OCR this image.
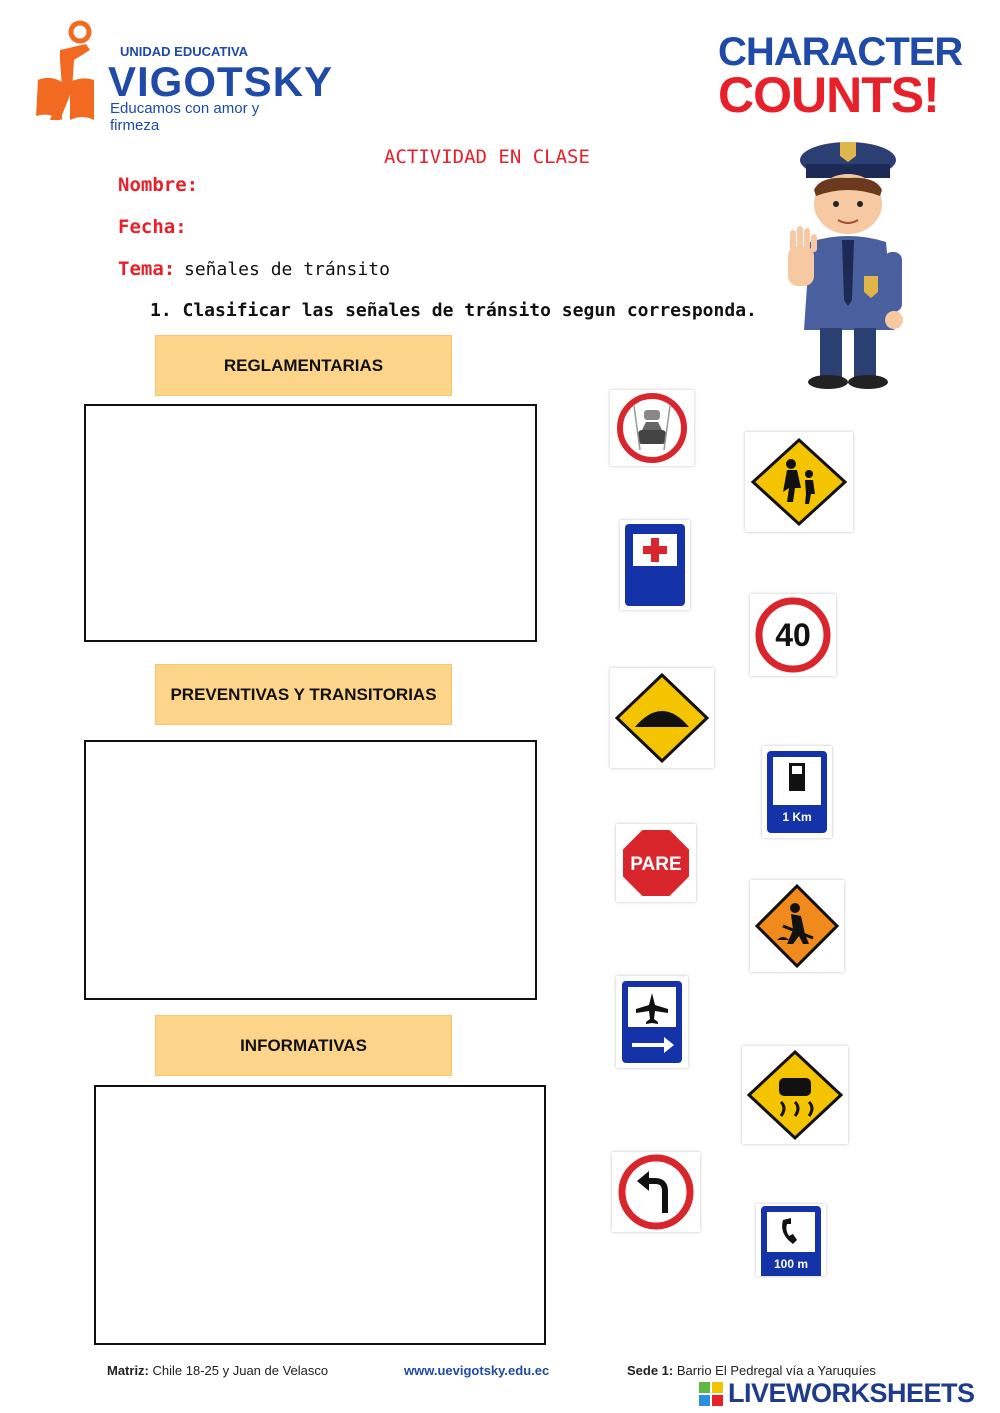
UNIDAD EDUCATIVA
VIGOTSKY
Educamos con amor y firmeza
CHARACTER
COUNTS!
ACTIVIDAD EN CLASE
Nombre:
Fecha:
Tema: señales de tránsito
1. Clasificar las señales de tránsito segun corresponda.
REGLAMENTARIAS
PREVENTIVAS Y TRANSITORIAS
INFORMATIVAS
40
1 Km
PARE
100 m
Matriz: Chile 18-25 y Juan de Velasco	www.uevigotsky.edu.ec	Sede 1: Barrio El Pedregal vía a Yaruquíes
LIVEWORKSHEETS
